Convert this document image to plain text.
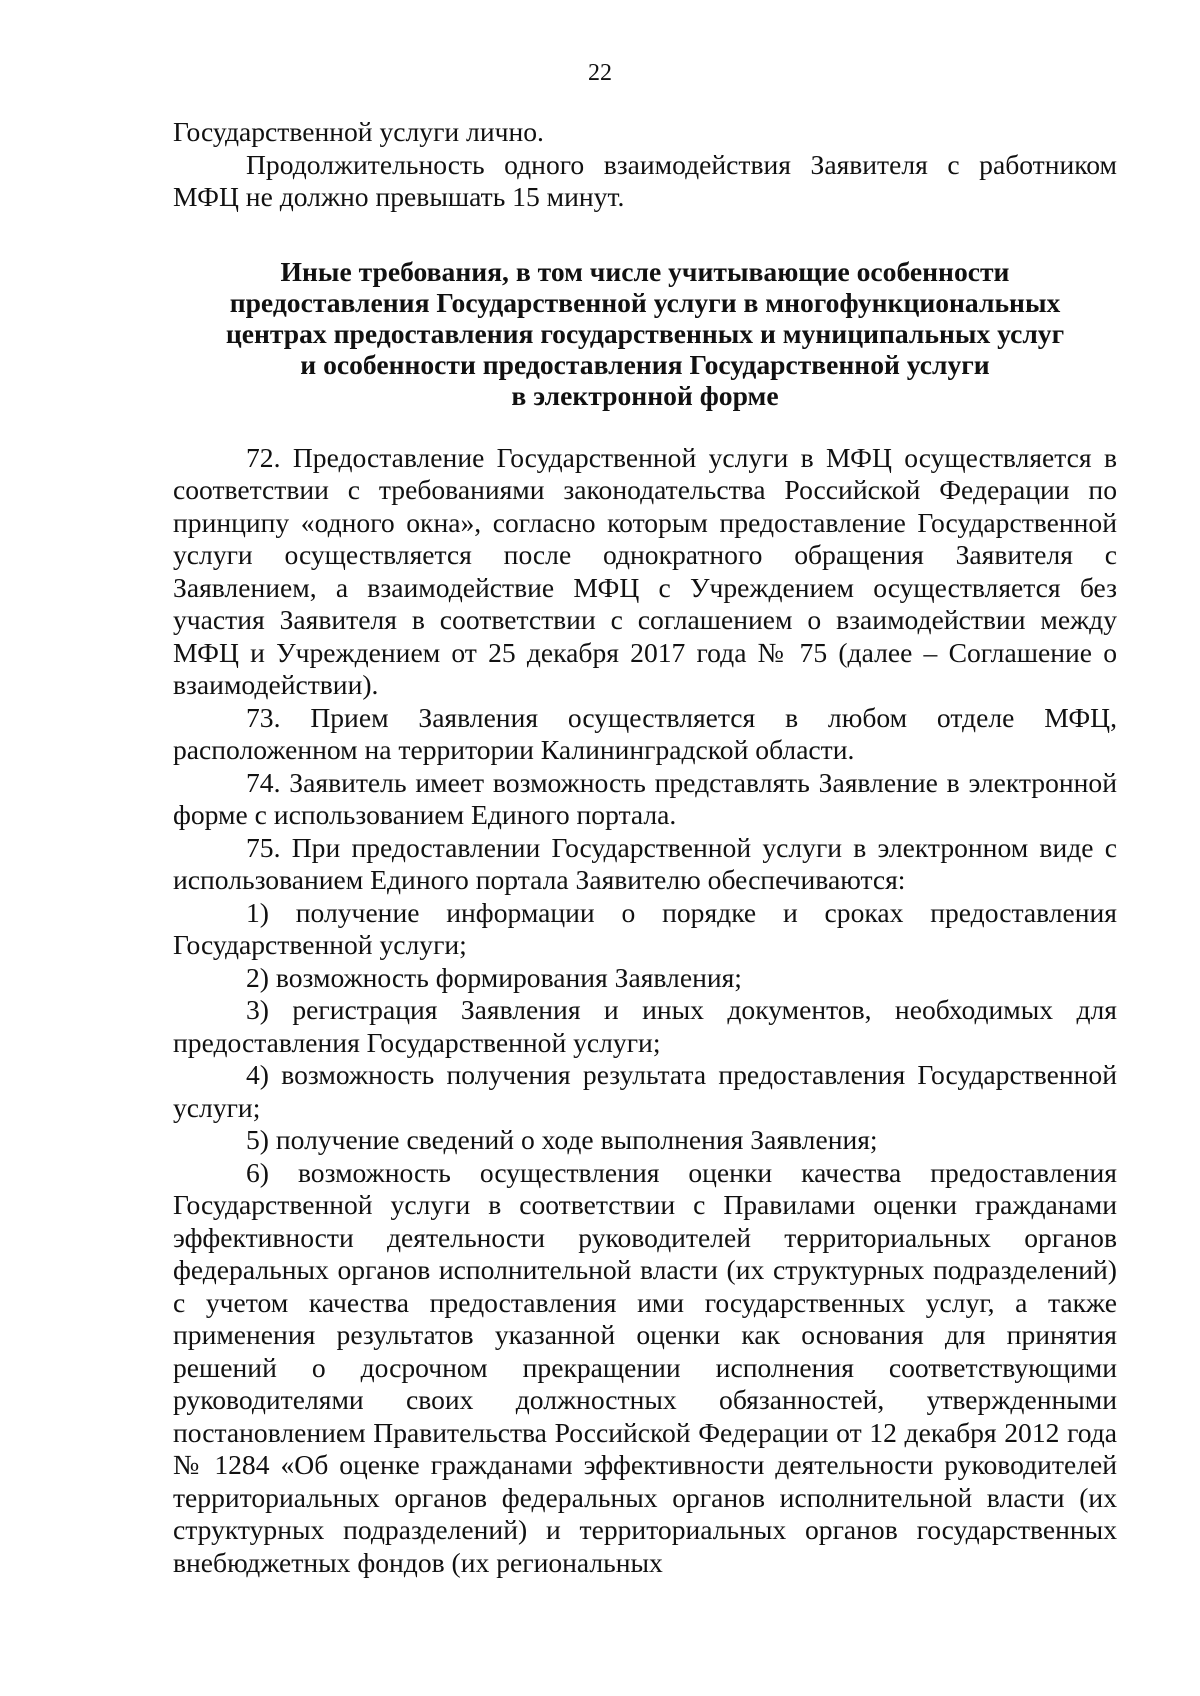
22

Государственной услуги лично.

Продолжительность одного взаимодействия Заявителя с работником МФЦ не должно превышать 15 минут.

Иные требования, в том числе учитывающие особенности
предоставления Государственной услуги в многофункциональных
центрах предоставления государственных и муниципальных услуг
и особенности предоставления Государственной услуги
в электронной форме

72. Предоставление Государственной услуги в МФЦ осуществляется в соответствии с требованиями законодательства Российской Федерации по принципу «одного окна», согласно которым предоставление Государственной услуги осуществляется после однократного обращения Заявителя с Заявлением, а взаимодействие МФЦ с Учреждением осуществляется без участия Заявителя в соответствии с соглашением о взаимодействии между МФЦ и Учреждением от 25 декабря 2017 года № 75 (далее – Соглашение о взаимодействии).

73. Прием Заявления осуществляется в любом отделе МФЦ, расположенном на территории Калининградской области.

74. Заявитель имеет возможность представлять Заявление в электронной форме с использованием Единого портала.

75. При предоставлении Государственной услуги в электронном виде с использованием Единого портала Заявителю обеспечиваются:

1) получение информации о порядке и сроках предоставления Государственной услуги;

2) возможность формирования Заявления;

3) регистрация Заявления и иных документов, необходимых для предоставления Государственной услуги;

4) возможность получения результата предоставления Государственной услуги;

5) получение сведений о ходе выполнения Заявления;

6) возможность осуществления оценки качества предоставления Государственной услуги в соответствии с Правилами оценки гражданами эффективности деятельности руководителей территориальных органов федеральных органов исполнительной власти (их структурных подразделений) с учетом качества предоставления ими государственных услуг, а также применения результатов указанной оценки как основания для принятия решений о досрочном прекращении исполнения соответствующими руководителями своих должностных обязанностей, утвержденными постановлением Правительства Российской Федерации от 12 декабря 2012 года № 1284 «Об оценке гражданами эффективности деятельности руководителей территориальных органов федеральных органов исполнительной власти (их структурных подразделений) и территориальных органов государственных внебюджетных фондов (их региональных
